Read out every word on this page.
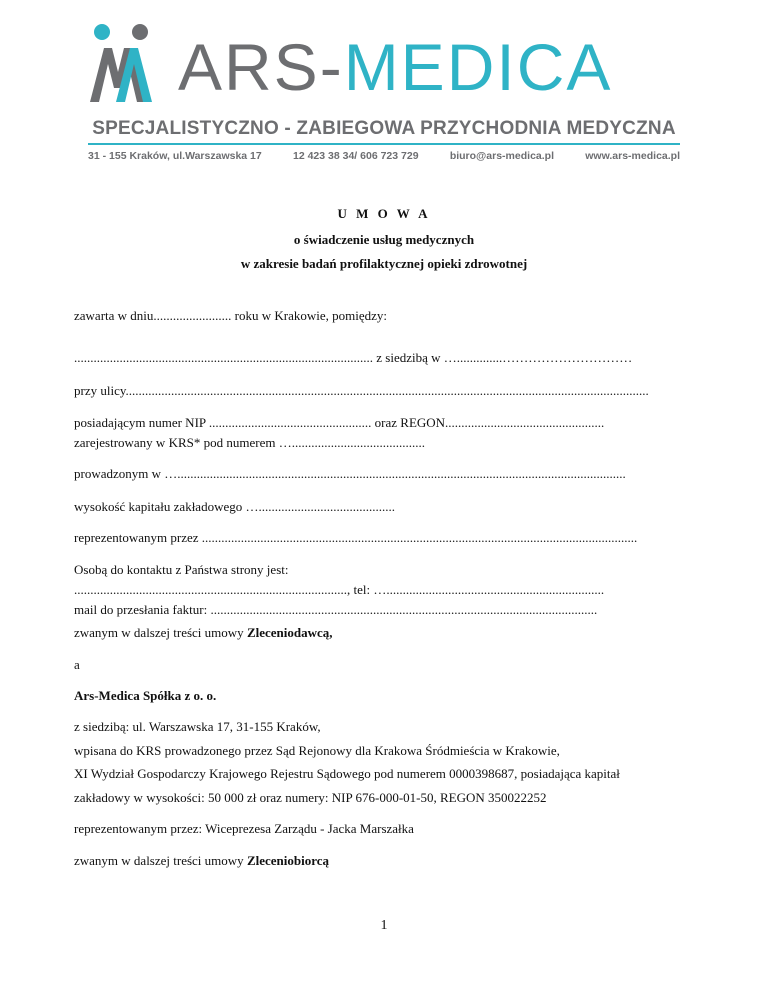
ARS-MEDICA
SPECJALISTYCZNO - ZABIEGOWA PRZYCHODNIA MEDYCZNA
31 - 155 Kraków, ul.Warszawska 17	12 423 38 34/ 606 723 729	biuro@ars-medica.pl	www.ars-medica.pl
U M O W A
o świadczenie usług medycznych
w zakresie badań profilaktycznej opieki zdrowotnej
zawarta w dniu........................ roku w Krakowie, pomiędzy:
............................................................................................ z siedzibą w …..............…………………………
przy ulicy.................................................................................................................................................................
posiadającym numer NIP .................................................. oraz REGON.................................................
zarejestrowany w KRS* pod numerem ….........................................
prowadzonym w …..........................................................................................................................................
wysokość kapitału zakładowego …..........................................
reprezentowanym przez ......................................................................................................................................
Osobą do kontaktu z Państwa strony jest:
...................................................................................., tel: …...................................................................
mail do przesłania faktur: .......................................................................................................................
zwanym w dalszej treści umowy Zleceniodawcą,
a
Ars-Medica Spółka z o. o.
z siedzibą: ul. Warszawska 17, 31-155 Kraków,
wpisana do KRS prowadzonego przez Sąd Rejonowy dla Krakowa Śródmieścia w Krakowie,
XI Wydział Gospodarczy Krajowego Rejestru Sądowego pod numerem 0000398687, posiadająca kapitał
zakładowy w wysokości: 50 000 zł oraz numery: NIP 676-000-01-50, REGON 350022252
reprezentowanym przez: Wiceprezesa Zarządu - Jacka Marszałka
zwanym w dalszej treści umowy Zleceniobiorcą
1
